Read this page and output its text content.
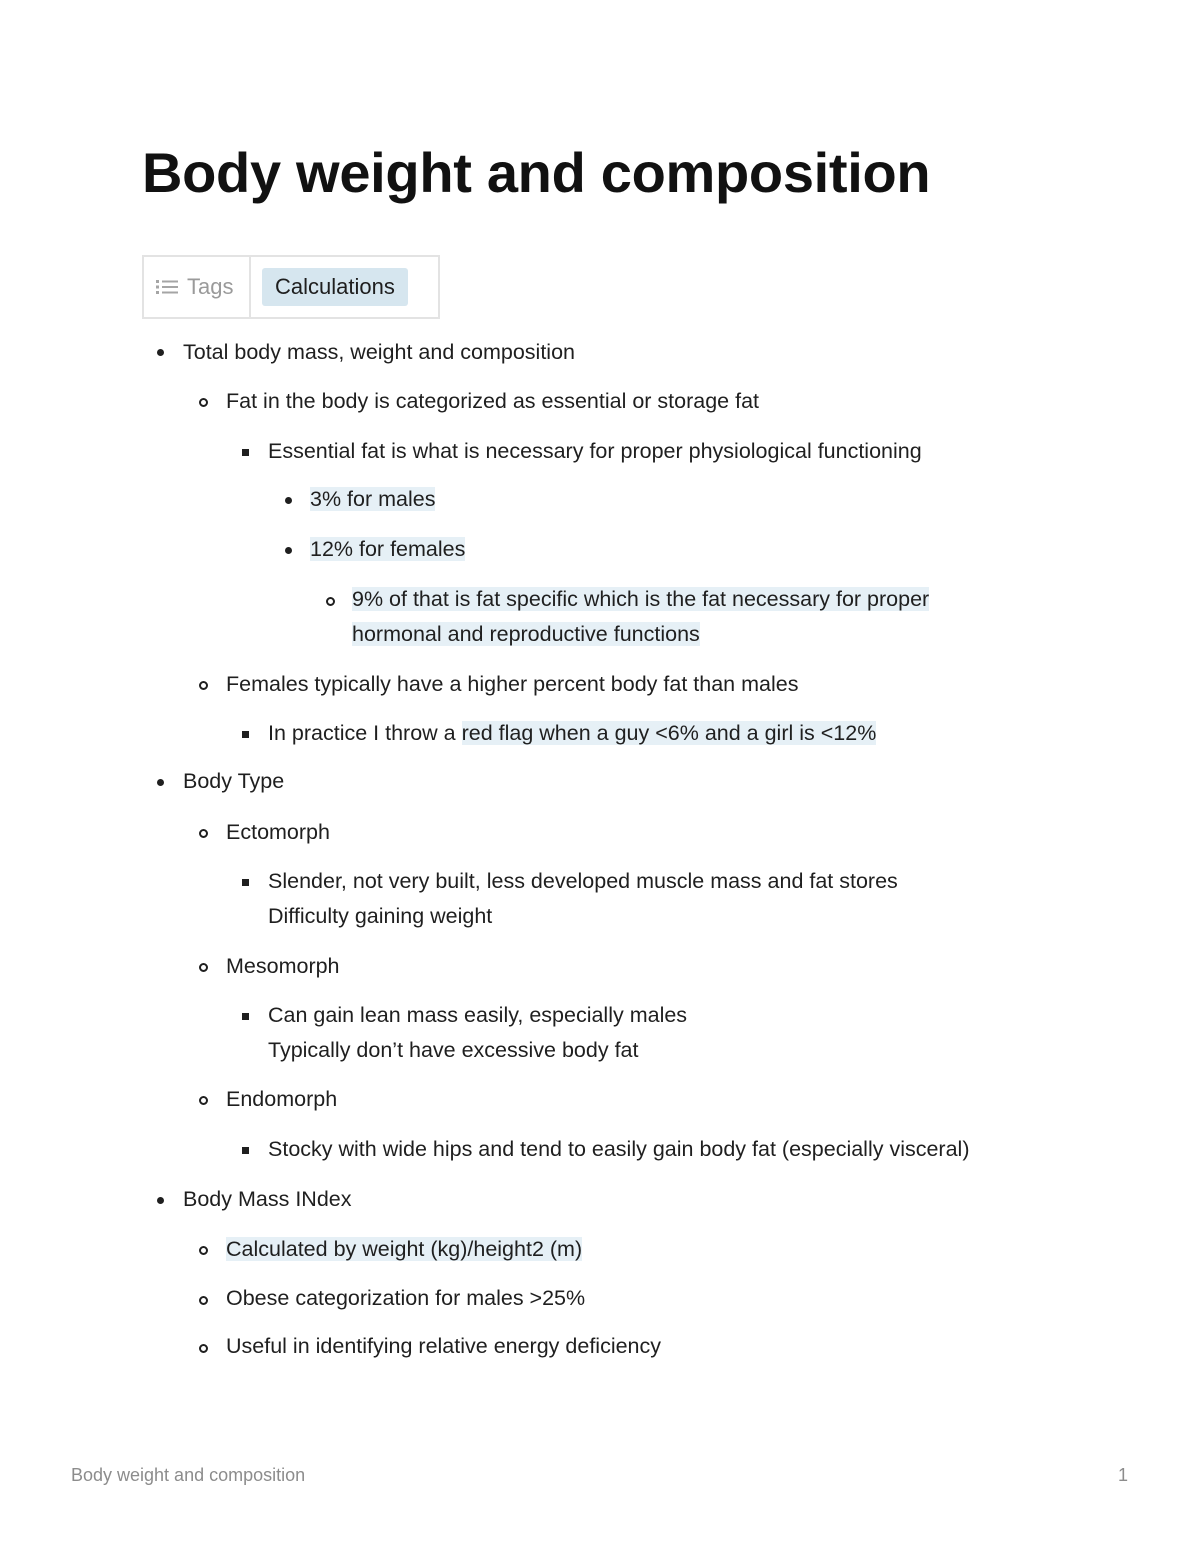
Body weight and composition
Tags	Calculations
Total body mass, weight and composition
Fat in the body is categorized as essential or storage fat
Essential fat is what is necessary for proper physiological functioning
3% for males
12% for females
9% of that is fat specific which is the fat necessary for proper
hormonal and reproductive functions
Females typically have a higher percent body fat than males
In practice I throw a red flag when a guy <6% and a girl is <12%
Body Type
Ectomorph
Slender, not very built, less developed muscle mass and fat stores
Difficulty gaining weight
Mesomorph
Can gain lean mass easily, especially males
Typically don’t have excessive body fat
Endomorph
Stocky with wide hips and tend to easily gain body fat (especially visceral)
Body Mass INdex
Calculated by weight (kg)/height2 (m)
Obese categorization for males >25%
Useful in identifying relative energy deficiency
Body weight and composition	1
